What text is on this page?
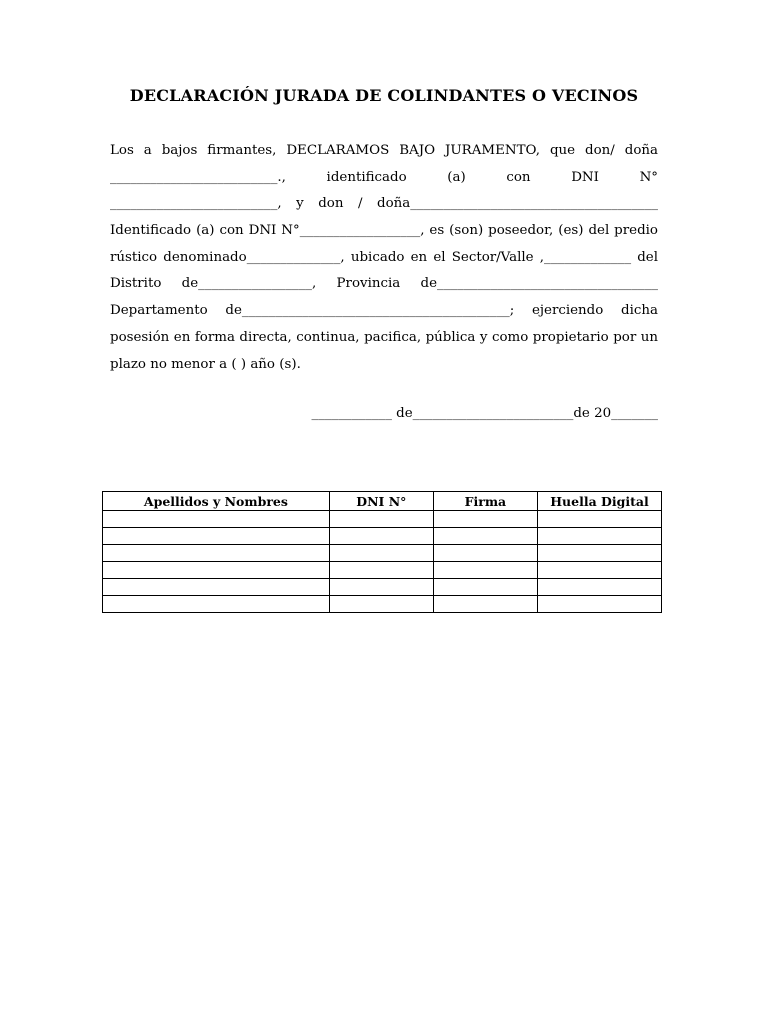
DECLARACIÓN JURADA DE COLINDANTES O VECINOS
Los a bajos firmantes, DECLARAMOS BAJO JURAMENTO, que don/ doña
_________________________., identificado (a) con DNI N°
_________________________, y don / doña_____________________________________
Identificado (a) con DNI N°__________________, es (son) poseedor, (es) del predio
rústico denominado______________, ubicado en el Sector/Valle ,_____________ del
Distrito de_________________, Provincia de_________________________________
Departamento de________________________________________; ejerciendo dicha
posesión en forma directa, continua, pacifica, pública y como propietario por un
plazo no menor a ( ) año (s).
____________ de________________________de 20_______
Apellidos y Nombres	DNI N°	Firma	Huella Digital
